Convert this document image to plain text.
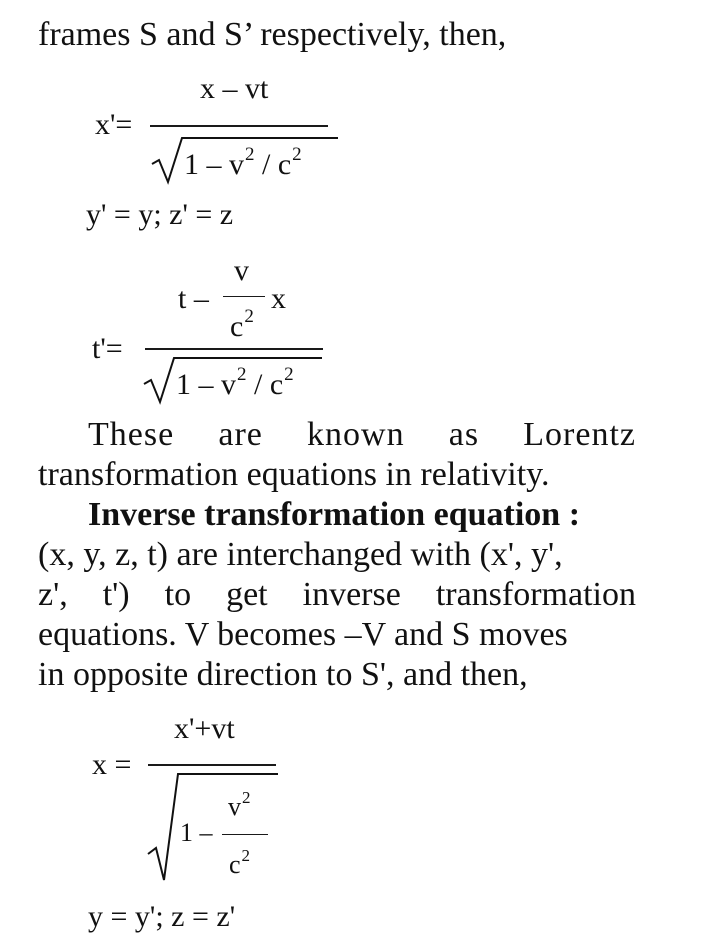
frames S and S’ respectively, then,
x'=
x – vt
$1 - v^2 / c^2$
y' = y; z' = z
t'=
v
t – x
$c^2$
$1 - v^2 / c^2$
These are known as Lorentz
transformation equations in relativity.
Inverse transformation equation :
(x, y, z, t) are interchanged with (x', y',
z', t') to get inverse transformation
equations. V becomes –V and S moves
in opposite direction to S', and then,
x =
x'+vt
1 –
$v^2$
$c^2$
y = y'; z = z'
